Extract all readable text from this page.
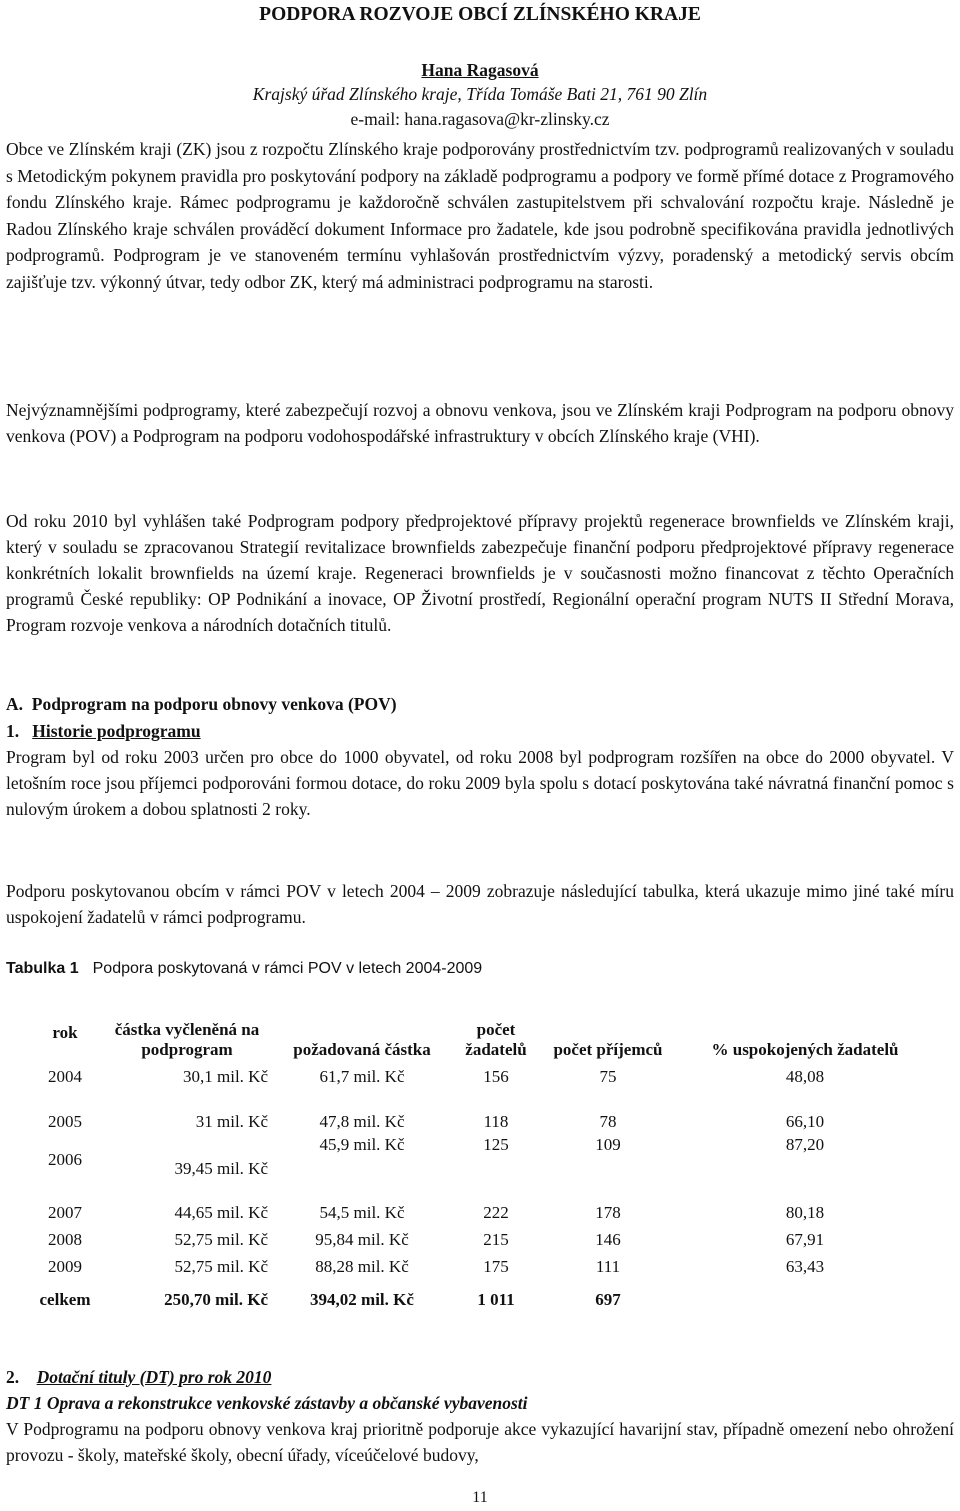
PODPORA ROZVOJE OBCÍ ZLÍNSKÉHO KRAJE
Hana Ragasová
Krajský úřad Zlínského kraje, Třída Tomáše Bati 21, 761 90 Zlín
e-mail: hana.ragasova@kr-zlinsky.cz

Obce ve Zlínském kraji (ZK) jsou z rozpočtu Zlínského kraje podporovány prostřednictvím tzv. podprogramů realizovaných v souladu s Metodickým pokynem pravidla pro poskytování podpory na základě podprogramu a podpory ve formě přímé dotace z Programového fondu Zlínského kraje. Rámec podprogramu je každoročně schválen zastupitelstvem při schvalování rozpočtu kraje. Následně je Radou Zlínského kraje schválen prováděcí dokument Informace pro žadatele, kde jsou podrobně specifikována pravidla jednotlivých podprogramů. Podprogram je ve stanoveném termínu vyhlašován prostřednictvím výzvy, poradenský a metodický servis obcím zajišťuje tzv. výkonný útvar, tedy odbor ZK, který má administraci podprogramu na starosti.

Nejvýznamnějšími podprogramy, které zabezpečují rozvoj a obnovu venkova, jsou ve Zlínském kraji Podprogram na podporu obnovy venkova (POV) a Podprogram na podporu vodohospodářské infrastruktury v obcích Zlínského kraje (VHI).

Od roku 2010 byl vyhlášen také Podprogram podpory předprojektové přípravy projektů regenerace brownfields ve Zlínském kraji, který v souladu se zpracovanou Strategií revitalizace brownfields zabezpečuje finanční podporu předprojektové přípravy regenerace konkrétních lokalit brownfields na území kraje. Regeneraci brownfields je v současnosti možno financovat z těchto Operačních programů České republiky: OP Podnikání a inovace, OP Životní prostředí, Regionální operační program NUTS II Střední Morava, Program rozvoje venkova a národních dotačních titulů.

A. Podprogram na podporu obnovy venkova (POV)
1. Historie podprogramu

Program byl od roku 2003 určen pro obce do 1000 obyvatel, od roku 2008 byl podprogram rozšířen na obce do 2000 obyvatel. V letošním roce jsou příjemci podporováni formou dotace, do roku 2009 byla spolu s dotací poskytována také návratná finanční pomoc s nulovým úrokem a dobou splatnosti 2 roky.

Podporu poskytovanou obcím v rámci POV v letech 2004 – 2009 zobrazuje následující tabulka, která ukazuje mimo jiné také míru uspokojení žadatelů v rámci podprogramu.

Tabulka 1 Podpora poskytovaná v rámci POV v letech 2004-2009
rok	částka vyčleněná na podprogram	požadovaná částka	počet žadatelů	počet příjemců	% uspokojených žadatelů
2004	30,1 mil. Kč	61,7 mil. Kč	156	75	48,08

2005	31 mil. Kč	47,8 mil. Kč	118	78	66,10
2006	39,45 mil. Kč	45,9 mil. Kč	125	109	87,20

2007	44,65 mil. Kč	54,5 mil. Kč	222	178	80,18
2008	52,75 mil. Kč	95,84 mil. Kč	215	146	67,91
2009	52,75 mil. Kč	88,28 mil. Kč	175	111	63,43
celkem	250,70 mil. Kč	394,02 mil. Kč	1 011	697	
2. Dotační tituly (DT) pro rok 2010
DT 1 Oprava a rekonstrukce venkovské zástavby a občanské vybavenosti

V Podprogramu na podporu obnovy venkova kraj prioritně podporuje akce vykazující havarijní stav, případně omezení nebo ohrožení provozu - školy, mateřské školy, obecní úřady, víceúčelové budovy,

11
